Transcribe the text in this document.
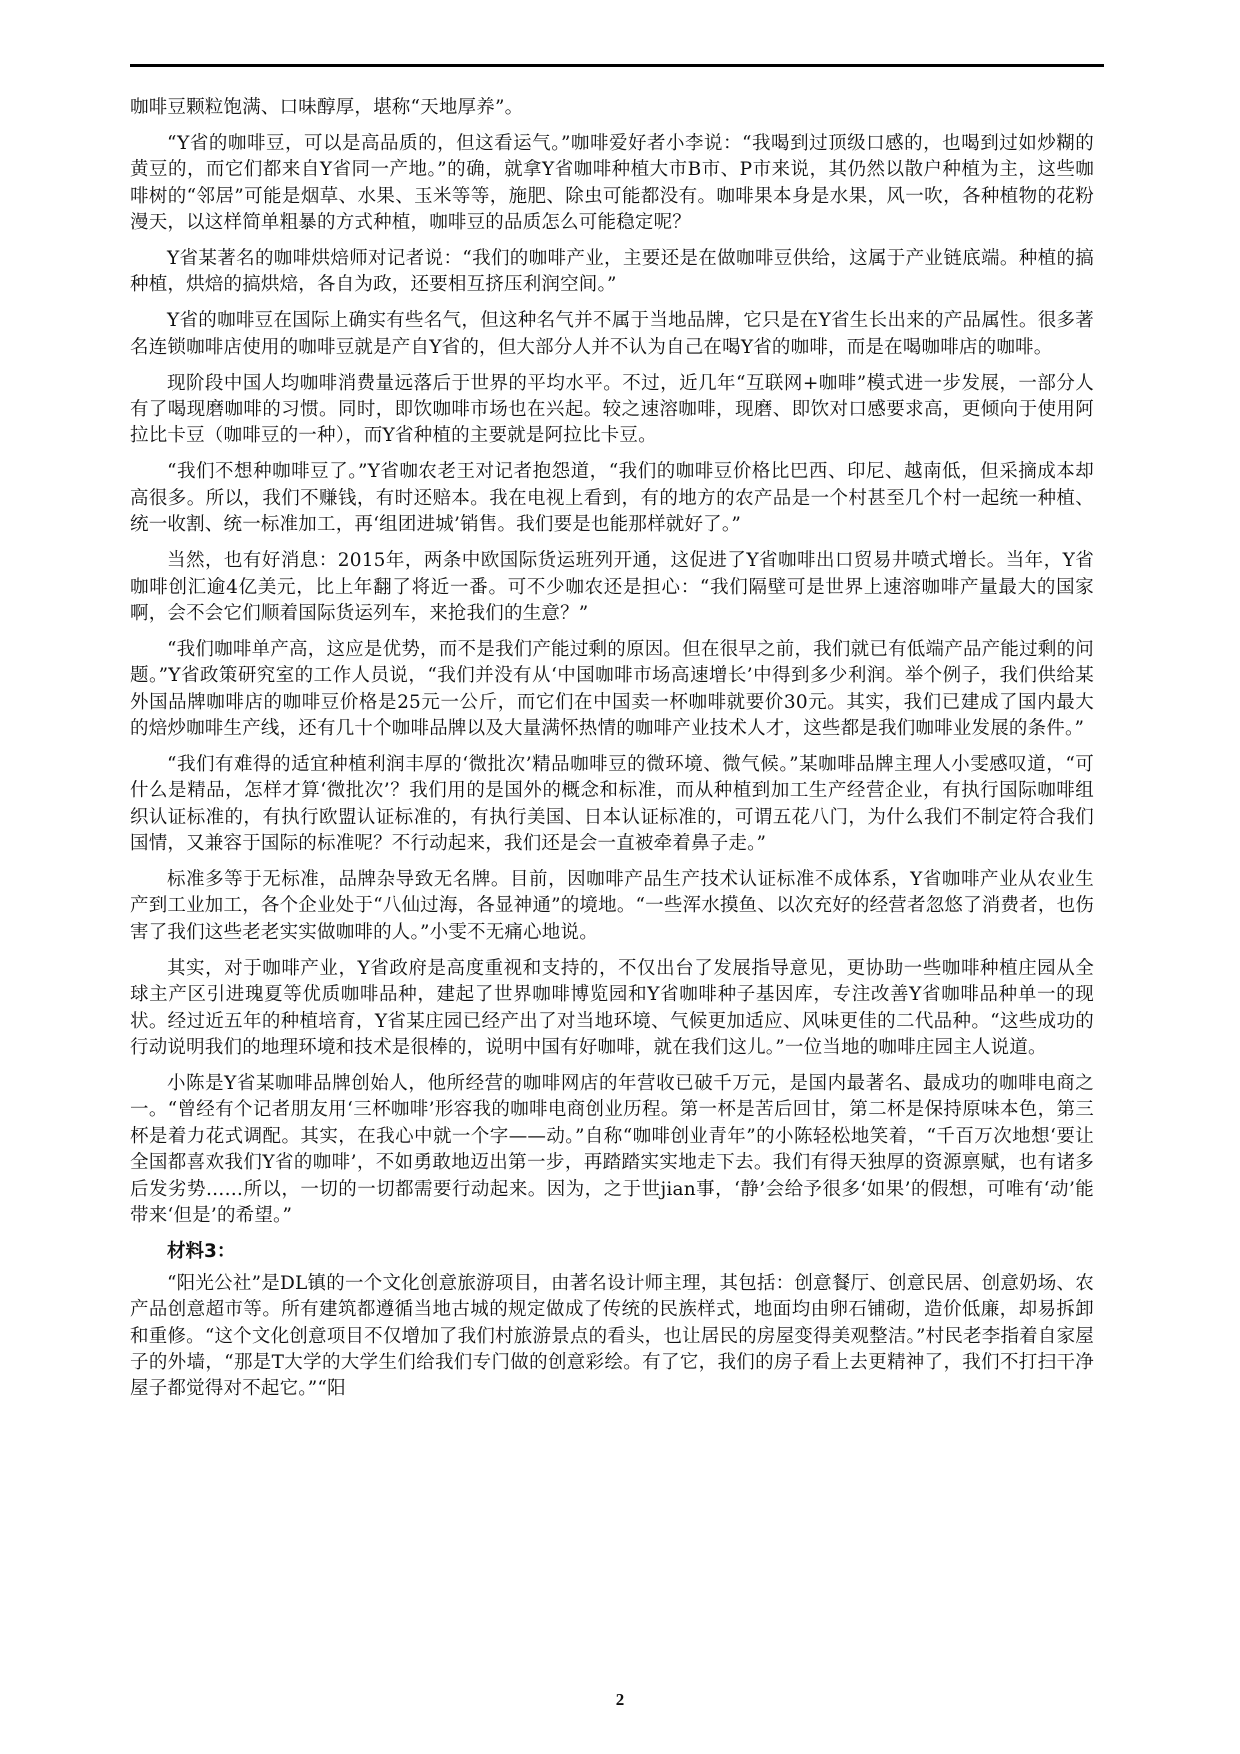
咖啡豆颗粒饱满、口味醇厚，堪称“天地厚养”。

“Y省的咖啡豆，可以是高品质的，但这看运气。”咖啡爱好者小李说：“我喝到过顶级口感的，也喝到过如炒糊的黄豆的，而它们都来自Y省同一产地。”的确，就拿Y省咖啡种植大市B市、P市来说，其仍然以散户种植为主，这些咖啡树的“邻居”可能是烟草、水果、玉米等等，施肥、除虫可能都没有。咖啡果本身是水果，风一吹，各种植物的花粉漫天，以这样简单粗暴的方式种植，咖啡豆的品质怎么可能稳定呢？

Y省某著名的咖啡烘焙师对记者说：“我们的咖啡产业，主要还是在做咖啡豆供给，这属于产业链底端。种植的搞种植，烘焙的搞烘焙，各自为政，还要相互挤压利润空间。”

Y省的咖啡豆在国际上确实有些名气，但这种名气并不属于当地品牌，它只是在Y省生长出来的产品属性。很多著名连锁咖啡店使用的咖啡豆就是产自Y省的，但大部分人并不认为自己在喝Y省的咖啡，而是在喝咖啡店的咖啡。

现阶段中国人均咖啡消费量远落后于世界的平均水平。不过，近几年“互联网+咖啡”模式进一步发展，一部分人有了喝现磨咖啡的习惯。同时，即饮咖啡市场也在兴起。较之速溶咖啡，现磨、即饮对口感要求高，更倾向于使用阿拉比卡豆（咖啡豆的一种），而Y省种植的主要就是阿拉比卡豆。

“我们不想种咖啡豆了。”Y省咖农老王对记者抱怨道，“我们的咖啡豆价格比巴西、印尼、越南低，但采摘成本却高很多。所以，我们不赚钱，有时还赔本。我在电视上看到，有的地方的农产品是一个村甚至几个村一起统一种植、统一收割、统一标准加工，再‘组团进城’销售。我们要是也能那样就好了。”

当然，也有好消息：2015年，两条中欧国际货运班列开通，这促进了Y省咖啡出口贸易井喷式增长。当年，Y省咖啡创汇逾4亿美元，比上年翻了将近一番。可不少咖农还是担心：“我们隔壁可是世界上速溶咖啡产量最大的国家啊，会不会它们顺着国际货运列车，来抢我们的生意？”

“我们咖啡单产高，这应是优势，而不是我们产能过剩的原因。但在很早之前，我们就已有低端产品产能过剩的问题。”Y省政策研究室的工作人员说，“我们并没有从‘中国咖啡市场高速增长’中得到多少利润。举个例子，我们供给某外国品牌咖啡店的咖啡豆价格是25元一公斤，而它们在中国卖一杯咖啡就要价30元。其实，我们已建成了国内最大的焙炒咖啡生产线，还有几十个咖啡品牌以及大量满怀热情的咖啡产业技术人才，这些都是我们咖啡业发展的条件。”

“我们有难得的适宜种植利润丰厚的‘微批次’精品咖啡豆的微环境、微气候。”某咖啡品牌主理人小雯感叹道，“可什么是精品，怎样才算‘微批次’？我们用的是国外的概念和标准，而从种植到加工生产经营企业，有执行国际咖啡组织认证标准的，有执行欧盟认证标准的，有执行美国、日本认证标准的，可谓五花八门，为什么我们不制定符合我们国情，又兼容于国际的标准呢？不行动起来，我们还是会一直被牵着鼻子走。”

标准多等于无标准，品牌杂导致无名牌。目前，因咖啡产品生产技术认证标准不成体系，Y省咖啡产业从农业生产到工业加工，各个企业处于“八仙过海，各显神通”的境地。“一些浑水摸鱼、以次充好的经营者忽悠了消费者，也伤害了我们这些老老实实做咖啡的人。”小雯不无痛心地说。

其实，对于咖啡产业，Y省政府是高度重视和支持的，不仅出台了发展指导意见，更协助一些咖啡种植庄园从全球主产区引进瑰夏等优质咖啡品种，建起了世界咖啡博览园和Y省咖啡种子基因库，专注改善Y省咖啡品种单一的现状。经过近五年的种植培育，Y省某庄园已经产出了对当地环境、气候更加适应、风味更佳的二代品种。“这些成功的行动说明我们的地理环境和技术是很棒的，说明中国有好咖啡，就在我们这儿。”一位当地的咖啡庄园主人说道。

小陈是Y省某咖啡品牌创始人，他所经营的咖啡网店的年营收已破千万元，是国内最著名、最成功的咖啡电商之一。“曾经有个记者朋友用‘三杯咖啡’形容我的咖啡电商创业历程。第一杯是苦后回甘，第二杯是保持原味本色，第三杯是着力花式调配。其实，在我心中就一个字——动。”自称“咖啡创业青年”的小陈轻松地笑着，“千百万次地想‘要让全国都喜欢我们Y省的咖啡’，不如勇敢地迈出第一步，再踏踏实实地走下去。我们有得天独厚的资源禀赋，也有诸多后发劣势……所以，一切的一切都需要行动起来。因为，之于世jian事，‘静’会给予很多‘如果’的假想，可唯有‘动’能带来‘但是’的希望。”

材料3：

“阳光公社”是DL镇的一个文化创意旅游项目，由著名设计师主理，其包括：创意餐厅、创意民居、创意奶场、农产品创意超市等。所有建筑都遵循当地古城的规定做成了传统的民族样式，地面均由卵石铺砌，造价低廉，却易拆卸和重修。“这个文化创意项目不仅增加了我们村旅游景点的看头，也让居民的房屋变得美观整洁。”村民老李指着自家屋子的外墙，“那是T大学的大学生们给我们专门做的创意彩绘。有了它，我们的房子看上去更精神了，我们不打扫干净屋子都觉得对不起它。”“阳

2
